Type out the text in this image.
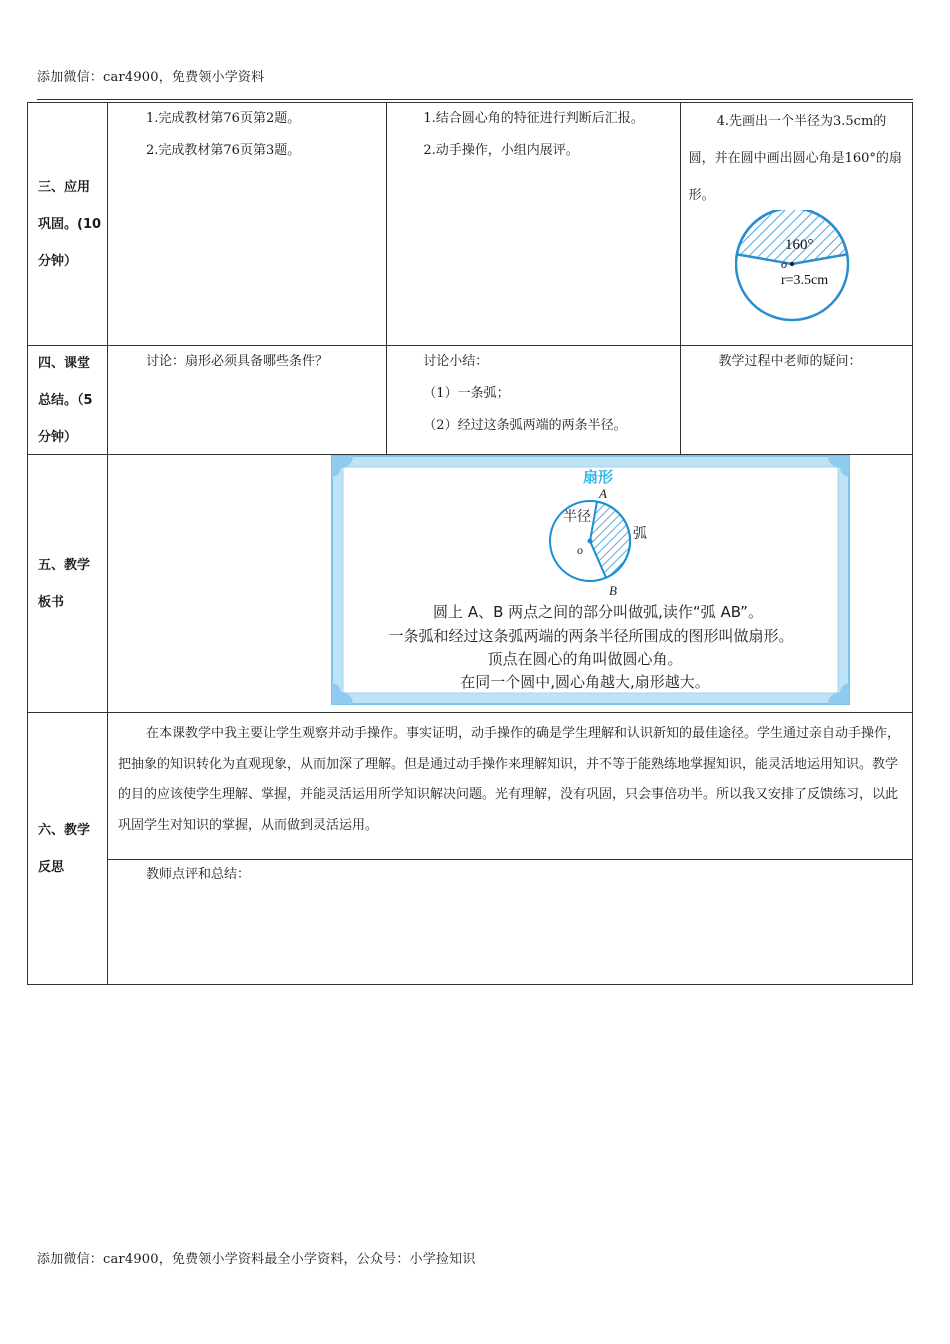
添加微信：car4900，免费领小学资料
三、应用
巩固。(10
分钟）
1.完成教材第76页第2题。
2.完成教材第76页第3题。
1.结合圆心角的特征进行判断后汇报。
2.动手操作，小组内展评。
4.先画出一个半径为3.5cm的圆，并在圆中画出圆心角是160°的扇形。
160°
o
r=3.5cm
四、课堂
总结。（5
分钟）
讨论：扇形必须具备哪些条件？	讨论小结：
（1）一条弧；
（2）经过这条弧两端的两条半径。
教学过程中老师的疑问：
五、教学
板书
扇形
A
B
o
半径
弧
圆上 A、B 两点之间的部分叫做弧,读作“弧 AB”。
一条弧和经过这条弧两端的两条半径所围成的图形叫做扇形。
顶点在圆心的角叫做圆心角。
在同一个圆中,圆心角越大,扇形越大。
六、教学
反思
在本课教学中我主要让学生观察并动手操作。事实证明，动手操作的确是学生理解和认识新知的最佳途径。学生通过亲自动手操作，把抽象的知识转化为直观现象，从而加深了理解。但是通过动手操作来理解知识，并不等于能熟练地掌握知识，能灵活地运用知识。教学的目的应该使学生理解、掌握，并能灵活运用所学知识解决问题。光有理解，没有巩固，只会事倍功半。所以我又安排了反馈练习，以此巩固学生对知识的掌握，从而做到灵活运用。
教师点评和总结：
添加微信：car4900，免费领小学资料最全小学资料，公众号：小学捡知识
